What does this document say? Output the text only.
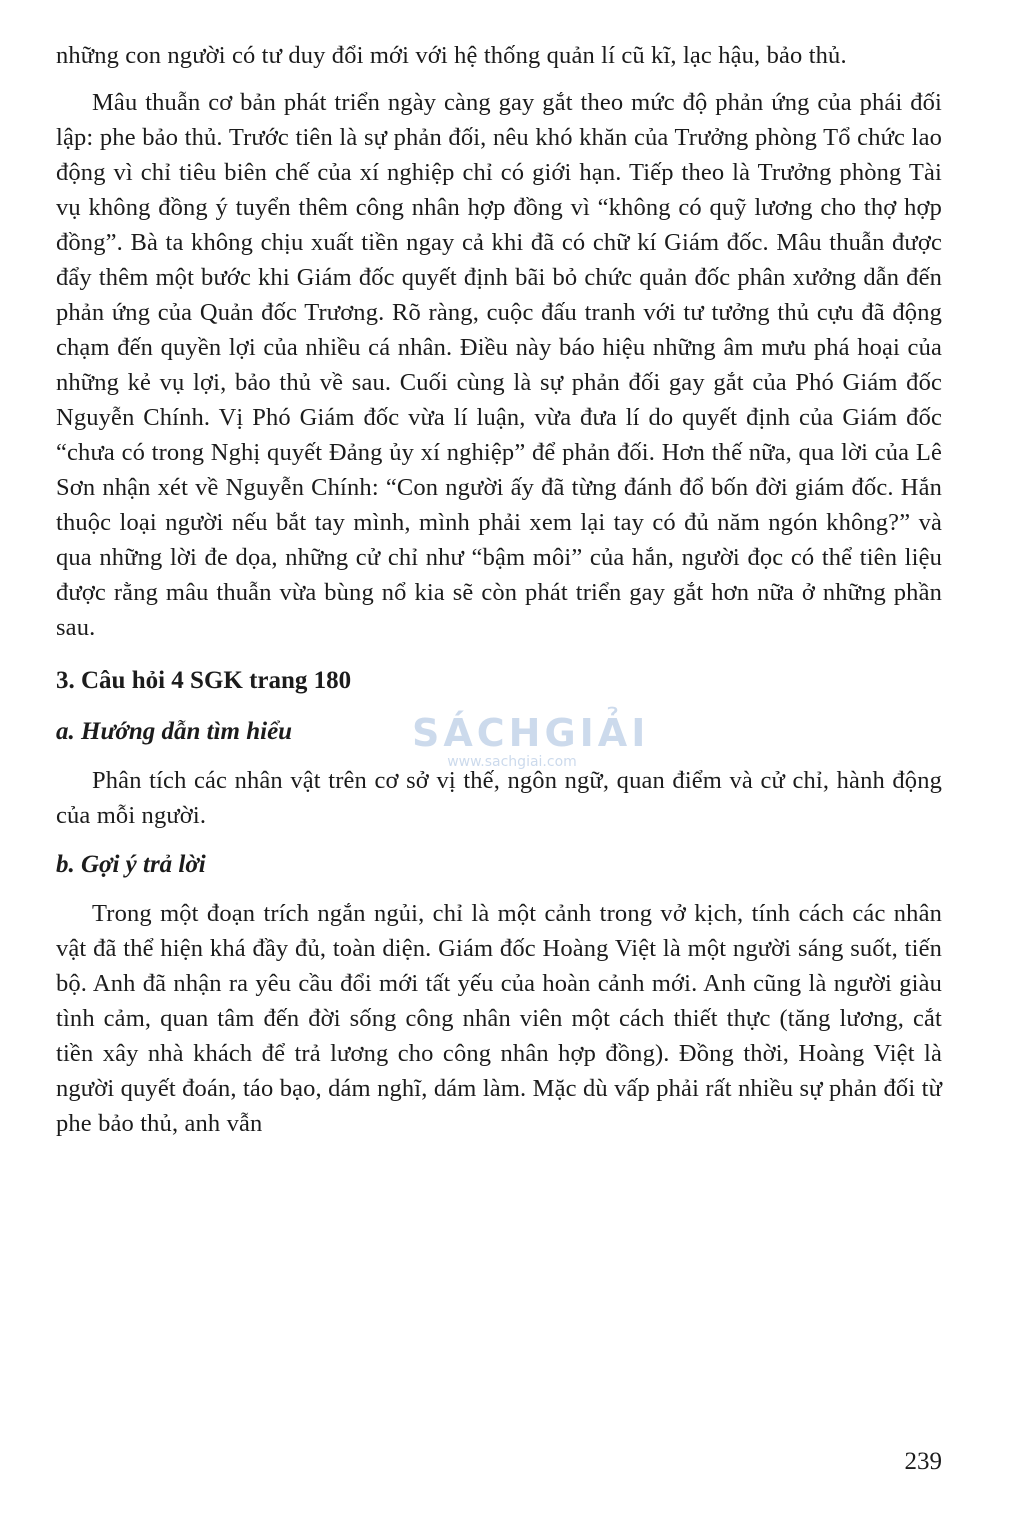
những con người có tư duy đổi mới với hệ thống quản lí cũ kĩ, lạc hậu, bảo thủ.

Mâu thuẫn cơ bản phát triển ngày càng gay gắt theo mức độ phản ứng của phái đối lập: phe bảo thủ. Trước tiên là sự phản đối, nêu khó khăn của Trưởng phòng Tổ chức lao động vì chỉ tiêu biên chế của xí nghiệp chỉ có giới hạn. Tiếp theo là Trưởng phòng Tài vụ không đồng ý tuyển thêm công nhân hợp đồng vì “không có quỹ lương cho thợ hợp đồng”. Bà ta không chịu xuất tiền ngay cả khi đã có chữ kí Giám đốc. Mâu thuẫn được đẩy thêm một bước khi Giám đốc quyết định bãi bỏ chức quản đốc phân xưởng dẫn đến phản ứng của Quản đốc Trương. Rõ ràng, cuộc đấu tranh với tư tưởng thủ cựu đã động chạm đến quyền lợi của nhiều cá nhân. Điều này báo hiệu những âm mưu phá hoại của những kẻ vụ lợi, bảo thủ về sau. Cuối cùng là sự phản đối gay gắt của Phó Giám đốc Nguyễn Chính. Vị Phó Giám đốc vừa lí luận, vừa đưa lí do quyết định của Giám đốc “chưa có trong Nghị quyết Đảng ủy xí nghiệp” để phản đối. Hơn thế nữa, qua lời của Lê Sơn nhận xét về Nguyễn Chính: “Con người ấy đã từng đánh đổ bốn đời giám đốc. Hắn thuộc loại người nếu bắt tay mình, mình phải xem lại tay có đủ năm ngón không?” và qua những lời đe dọa, những cử chỉ như “bậm môi” của hắn, người đọc có thể tiên liệu được rằng mâu thuẫn vừa bùng nổ kia sẽ còn phát triển gay gắt hơn nữa ở những phần sau.

3. Câu hỏi 4 SGK trang 180
a. Hướng dẫn tìm hiểu

Phân tích các nhân vật trên cơ sở vị thế, ngôn ngữ, quan điểm và cử chỉ, hành động của mỗi người.

b. Gợi ý trả lời

Trong một đoạn trích ngắn ngủi, chỉ là một cảnh trong vở kịch, tính cách các nhân vật đã thể hiện khá đầy đủ, toàn diện. Giám đốc Hoàng Việt là một người sáng suốt, tiến bộ. Anh đã nhận ra yêu cầu đổi mới tất yếu của hoàn cảnh mới. Anh cũng là người giàu tình cảm, quan tâm đến đời sống công nhân viên một cách thiết thực (tăng lương, cắt tiền xây nhà khách để trả lương cho công nhân hợp đồng). Đồng thời, Hoàng Việt là người quyết đoán, táo bạo, dám nghĩ, dám làm. Mặc dù vấp phải rất nhiều sự phản đối từ phe bảo thủ, anh vẫn

SÁCHGIẢI
www.sachgiai.com
239
